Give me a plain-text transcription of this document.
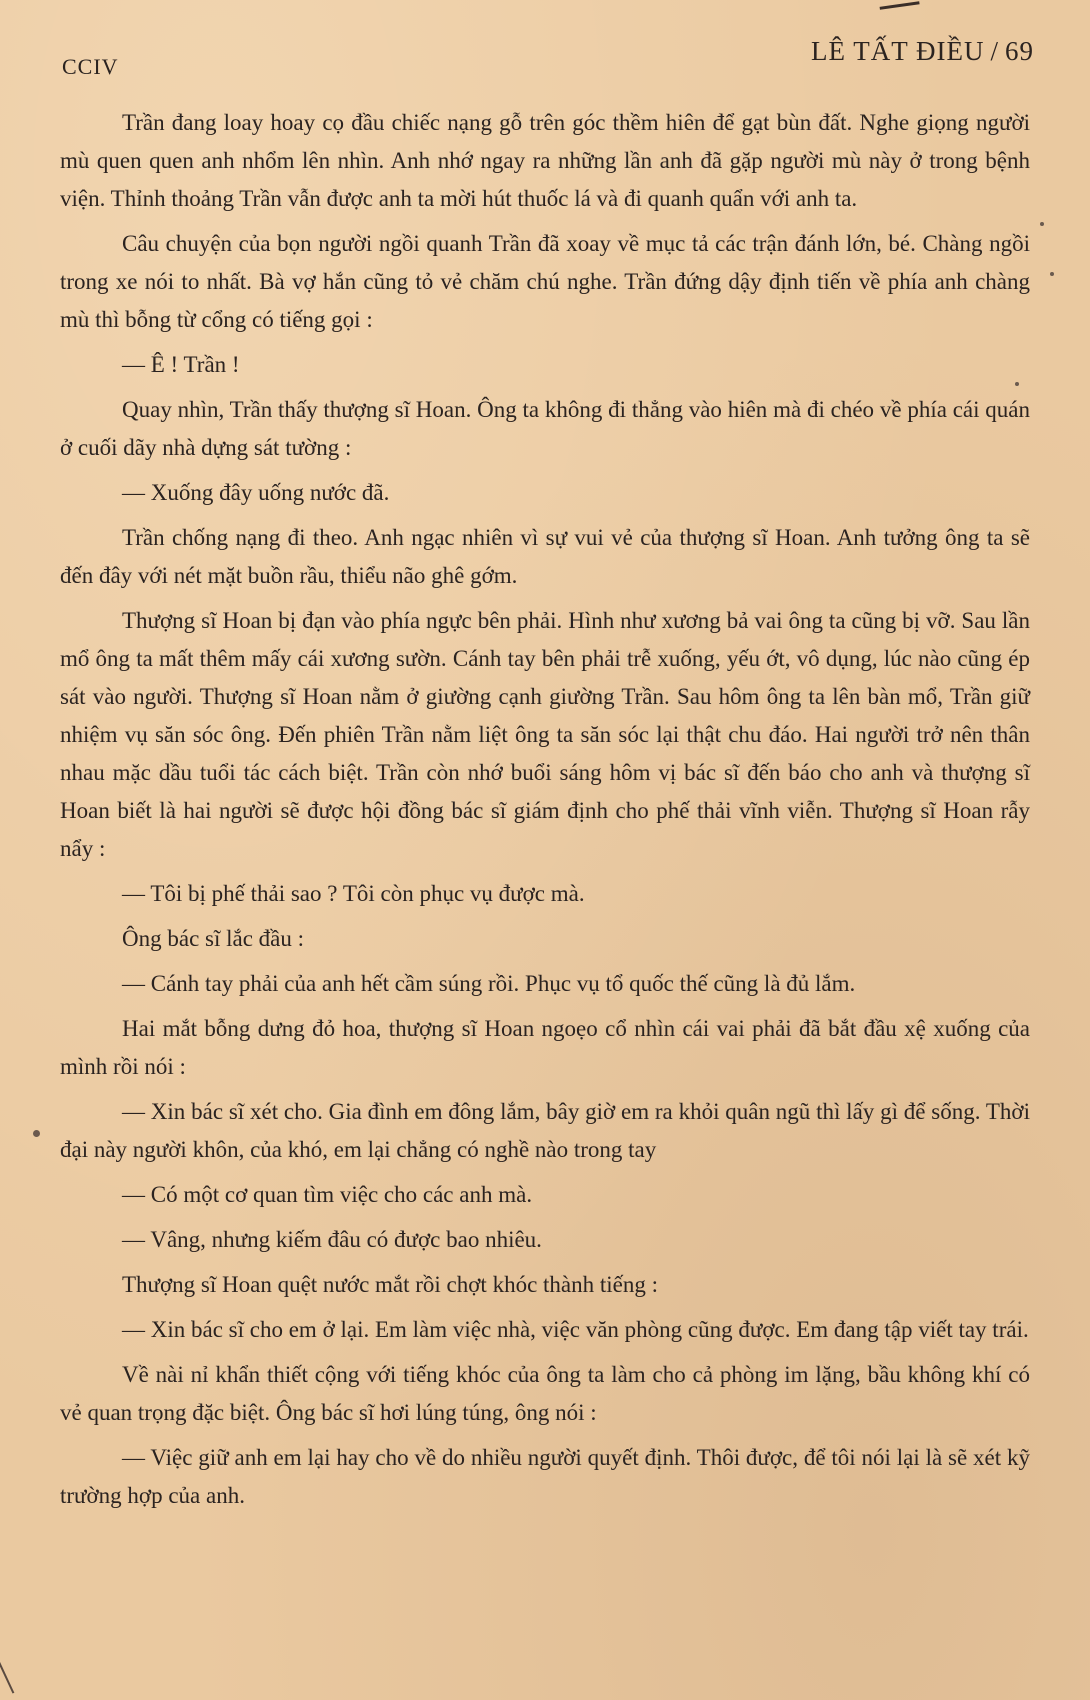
CCIV
LÊ TẤT ĐIỀU / 69

Trần đang loay hoay cọ đầu chiếc nạng gỗ trên góc thềm hiên để gạt bùn đất. Nghe giọng người mù quen quen anh nhổm lên nhìn. Anh nhớ ngay ra những lần anh đã gặp người mù này ở trong bệnh viện. Thỉnh thoảng Trần vẫn được anh ta mời hút thuốc lá và đi quanh quẩn với anh ta.

Câu chuyện của bọn người ngồi quanh Trần đã xoay về mục tả các trận đánh lớn, bé. Chàng ngồi trong xe nói to nhất. Bà vợ hắn cũng tỏ vẻ chăm chú nghe. Trần đứng dậy định tiến về phía anh chàng mù thì bỗng từ cổng có tiếng gọi :

— Ê ! Trần !

Quay nhìn, Trần thấy thượng sĩ Hoan. Ông ta không đi thẳng vào hiên mà đi chéo về phía cái quán ở cuối dãy nhà dựng sát tường :

— Xuống đây uống nước đã.

Trần chống nạng đi theo. Anh ngạc nhiên vì sự vui vẻ của thượng sĩ Hoan. Anh tưởng ông ta sẽ đến đây với nét mặt buồn rầu, thiểu não ghê gớm.

Thượng sĩ Hoan bị đạn vào phía ngực bên phải. Hình như xương bả vai ông ta cũng bị vỡ. Sau lần mổ ông ta mất thêm mấy cái xương sườn. Cánh tay bên phải trễ xuống, yếu ớt, vô dụng, lúc nào cũng ép sát vào người. Thượng sĩ Hoan nằm ở giường cạnh giường Trần. Sau hôm ông ta lên bàn mổ, Trần giữ nhiệm vụ săn sóc ông. Đến phiên Trần nằm liệt ông ta săn sóc lại thật chu đáo. Hai người trở nên thân nhau mặc dầu tuổi tác cách biệt. Trần còn nhớ buổi sáng hôm vị bác sĩ đến báo cho anh và thượng sĩ Hoan biết là hai người sẽ được hội đồng bác sĩ giám định cho phế thải vĩnh viễn. Thượng sĩ Hoan rẫy nẩy :

— Tôi bị phế thải sao ? Tôi còn phục vụ được mà.

Ông bác sĩ lắc đầu :

— Cánh tay phải của anh hết cầm súng rồi. Phục vụ tổ quốc thế cũng là đủ lắm.

Hai mắt bỗng dưng đỏ hoa, thượng sĩ Hoan ngoẹo cổ nhìn cái vai phải đã bắt đầu xệ xuống của mình rồi nói :

— Xin bác sĩ xét cho. Gia đình em đông lắm, bây giờ em ra khỏi quân ngũ thì lấy gì để sống. Thời đại này người khôn, của khó, em lại chẳng có nghề nào trong tay

— Có một cơ quan tìm việc cho các anh mà.

— Vâng, nhưng kiếm đâu có được bao nhiêu.

Thượng sĩ Hoan quệt nước mắt rồi chợt khóc thành tiếng :

— Xin bác sĩ cho em ở lại. Em làm việc nhà, việc văn phòng cũng được. Em đang tập viết tay trái.

Về nài nỉ khẩn thiết cộng với tiếng khóc của ông ta làm cho cả phòng im lặng, bầu không khí có vẻ quan trọng đặc biệt. Ông bác sĩ hơi lúng túng, ông nói :

— Việc giữ anh em lại hay cho về do nhiều người quyết định. Thôi được, để tôi nói lại là sẽ xét kỹ trường hợp của anh.
